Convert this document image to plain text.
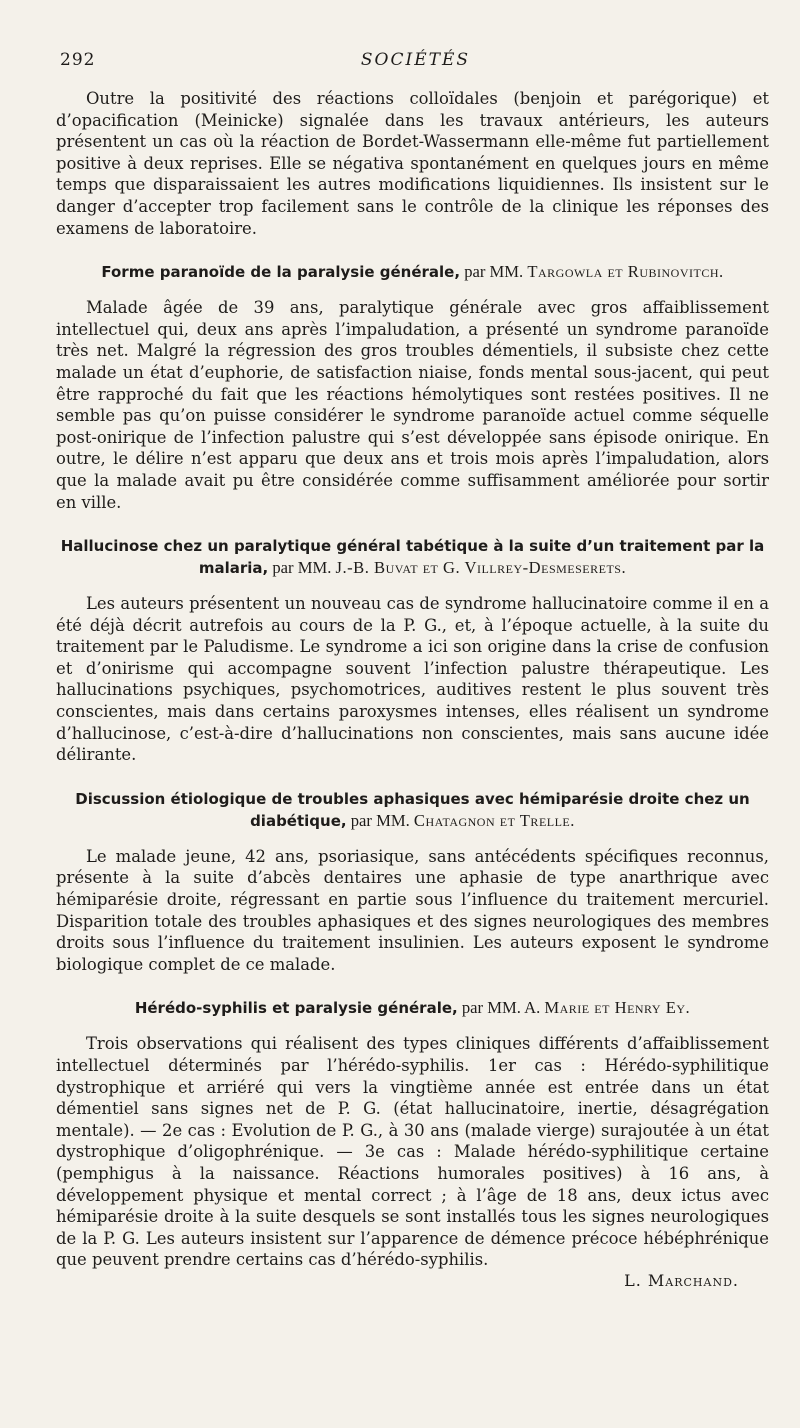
292	SOCIÉTÉS

Outre la positivité des réactions colloïdales (benjoin et parégorique) et d’opacification (Meinicke) signalée dans les travaux antérieurs, les auteurs présentent un cas où la réaction de Bordet-Wassermann elle-même fut partiellement positive à deux reprises. Elle se négativa spontanément en quelques jours en même temps que disparaissaient les autres modifications liquidiennes. Ils insistent sur le danger d’accepter trop facilement sans le contrôle de la clinique les réponses des examens de laboratoire.

Forme paranoïde de la paralysie générale, par MM. Targowla et Rubinovitch.

Malade âgée de 39 ans, paralytique générale avec gros affaiblissement intellectuel qui, deux ans après l’impaludation, a présenté un syndrome paranoïde très net. Malgré la régression des gros troubles démentiels, il subsiste chez cette malade un état d’euphorie, de satisfaction niaise, fonds mental sous-jacent, qui peut être rapproché du fait que les réactions hémolytiques sont restées positives. Il ne semble pas qu’on puisse considérer le syndrome paranoïde actuel comme séquelle post-onirique de l’infection palustre qui s’est développée sans épisode onirique. En outre, le délire n’est apparu que deux ans et trois mois après l’impaludation, alors que la malade avait pu être considérée comme suffisamment améliorée pour sortir en ville.

Hallucinose chez un paralytique général tabétique à la suite d’un traitement par la malaria, par MM. J.-B. Buvat et G. Villrey-Desmeserets.

Les auteurs présentent un nouveau cas de syndrome hallucinatoire comme il en a été déjà décrit autrefois au cours de la P. G., et, à l’époque actuelle, à la suite du traitement par le Paludisme. Le syndrome a ici son origine dans la crise de confusion et d’onirisme qui accompagne souvent l’infection palustre thérapeutique. Les hallucinations psychiques, psychomotrices, auditives restent le plus souvent très conscientes, mais dans certains paroxysmes intenses, elles réalisent un syndrome d’hallucinose, c’est-à-dire d’hallucinations non conscientes, mais sans aucune idée délirante.

Discussion étiologique de troubles aphasiques avec hémiparésie droite chez un diabétique, par MM. Chatagnon et Trelle.

Le malade jeune, 42 ans, psoriasique, sans antécédents spécifiques reconnus, présente à la suite d’abcès dentaires une aphasie de type anarthrique avec hémiparésie droite, régressant en partie sous l’influence du traitement mercuriel. Disparition totale des troubles aphasiques et des signes neurologiques des membres droits sous l’influence du traitement insulinien. Les auteurs exposent le syndrome biologique complet de ce malade.

Hérédo-syphilis et paralysie générale, par MM. A. Marie et Henry Ey.

Trois observations qui réalisent des types cliniques différents d’affaiblissement intellectuel déterminés par l’hérédo-syphilis. 1er cas : Hérédo-syphilitique dystrophique et arriéré qui vers la vingtième année est entrée dans un état démentiel sans signes net de P. G. (état hallucinatoire, inertie, désagrégation mentale). — 2e cas : Evolution de P. G., à 30 ans (malade vierge) surajoutée à un état dystrophique d’oligophrénique. — 3e cas : Malade hérédo-syphilitique certaine (pemphigus à la naissance. Réactions humorales positives) à 16 ans, à développement physique et mental correct ; à l’âge de 18 ans, deux ictus avec hémiparésie droite à la suite desquels se sont installés tous les signes neurologiques de la P. G. Les auteurs insistent sur l’apparence de démence précoce hébéphrénique que peuvent prendre certains cas d’hérédo-syphilis.

L. Marchand.
